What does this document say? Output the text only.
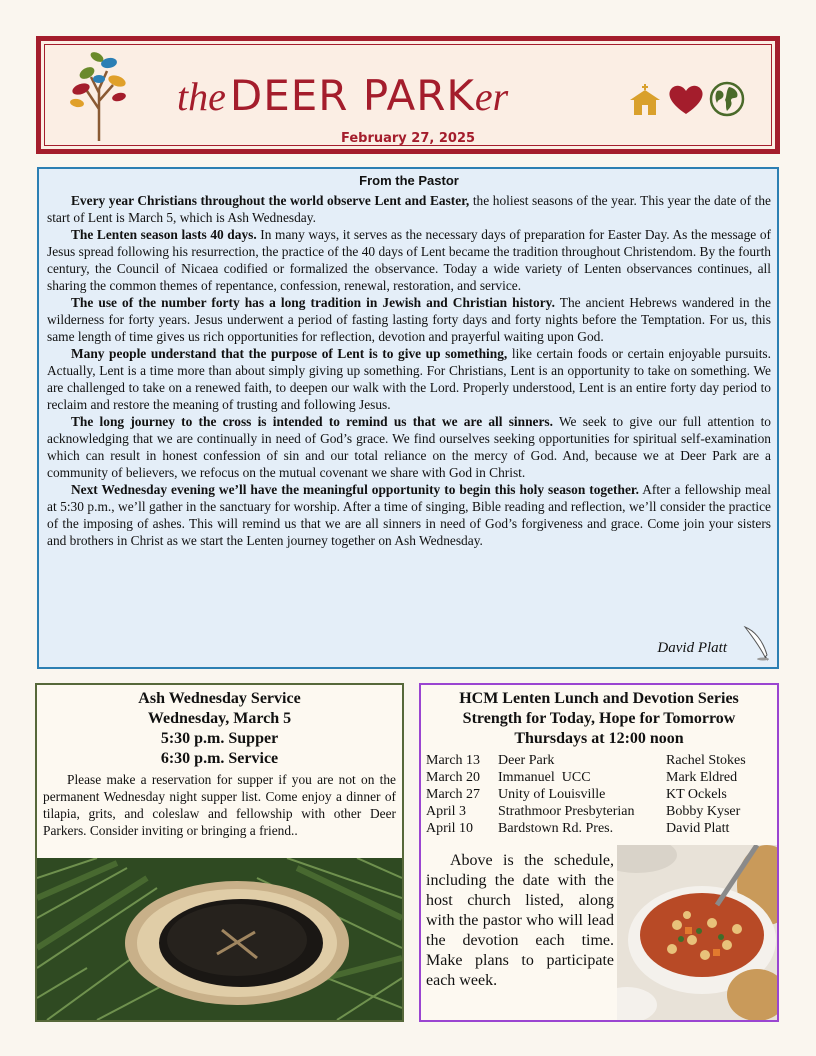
the DEER PARKer
February 27, 2025
From the Pastor

Every year Christians throughout the world observe Lent and Easter, the holiest seasons of the year. This year the date of the start of Lent is March 5, which is Ash Wednesday.

The Lenten season lasts 40 days. In many ways, it serves as the necessary days of preparation for Easter Day. As the message of Jesus spread following his resurrection, the practice of the 40 days of Lent became the tradition throughout Christendom. By the fourth century, the Council of Nicaea codified or formalized the observance. Today a wide variety of Lenten observances continues, all sharing the common themes of repentance, confession, renewal, restoration, and service.

The use of the number forty has a long tradition in Jewish and Christian history. The ancient Hebrews wandered in the wilderness for forty years. Jesus underwent a period of fasting lasting forty days and forty nights before the Temptation. For us, this same length of time gives us rich opportunities for reflection, devotion and prayerful waiting upon God.

Many people understand that the purpose of Lent is to give up something, like certain foods or certain enjoyable pursuits. Actually, Lent is a time more than about simply giving up something. For Christians, Lent is an opportunity to take on something. We are challenged to take on a renewed faith, to deepen our walk with the Lord. Properly understood, Lent is an entire forty day period to reclaim and restore the meaning of trusting and following Jesus.

The long journey to the cross is intended to remind us that we are all sinners. We seek to give our full attention to acknowledging that we are continually in need of God’s grace. We find ourselves seeking opportunities for spiritual self-examination which can result in honest confession of sin and our total reliance on the mercy of God. And, because we at Deer Park are a community of believers, we refocus on the mutual covenant we share with God in Christ.

Next Wednesday evening we’ll have the meaningful opportunity to begin this holy season together. After a fellowship meal at 5:30 p.m., we’ll gather in the sanctuary for worship. After a time of singing, Bible reading and reflection, we’ll consider the practice of the imposing of ashes. This will remind us that we are all sinners in need of God’s forgiveness and grace. Come join your sisters and brothers in Christ as we start the Lenten journey together on Ash Wednesday.

David Platt
Ash Wednesday Service
Wednesday, March 5
5:30 p.m. Supper
6:30 p.m. Service

Please make a reservation for supper if you are not on the permanent Wednesday night supper list. Come enjoy a dinner of tilapia, grits, and coleslaw and fellowship with other Deer Parkers. Consider inviting or bringing a friend..

HCM Lenten Lunch and Devotion Series
Strength for Today, Hope for Tomorrow
Thursdays at 12:00 noon
March 13	Deer Park	Rachel Stokes
March 20	Immanuel  UCC	Mark Eldred
March 27	Unity of Louisville	KT Ockels
April 3	Strathmoor Presbyterian	Bobby Kyser
April 10	Bardstown Rd. Pres.	David Platt
Above is the schedule, including the date with the host church listed, along with the pastor who will lead the devotion each time. Make plans to participate each week.
